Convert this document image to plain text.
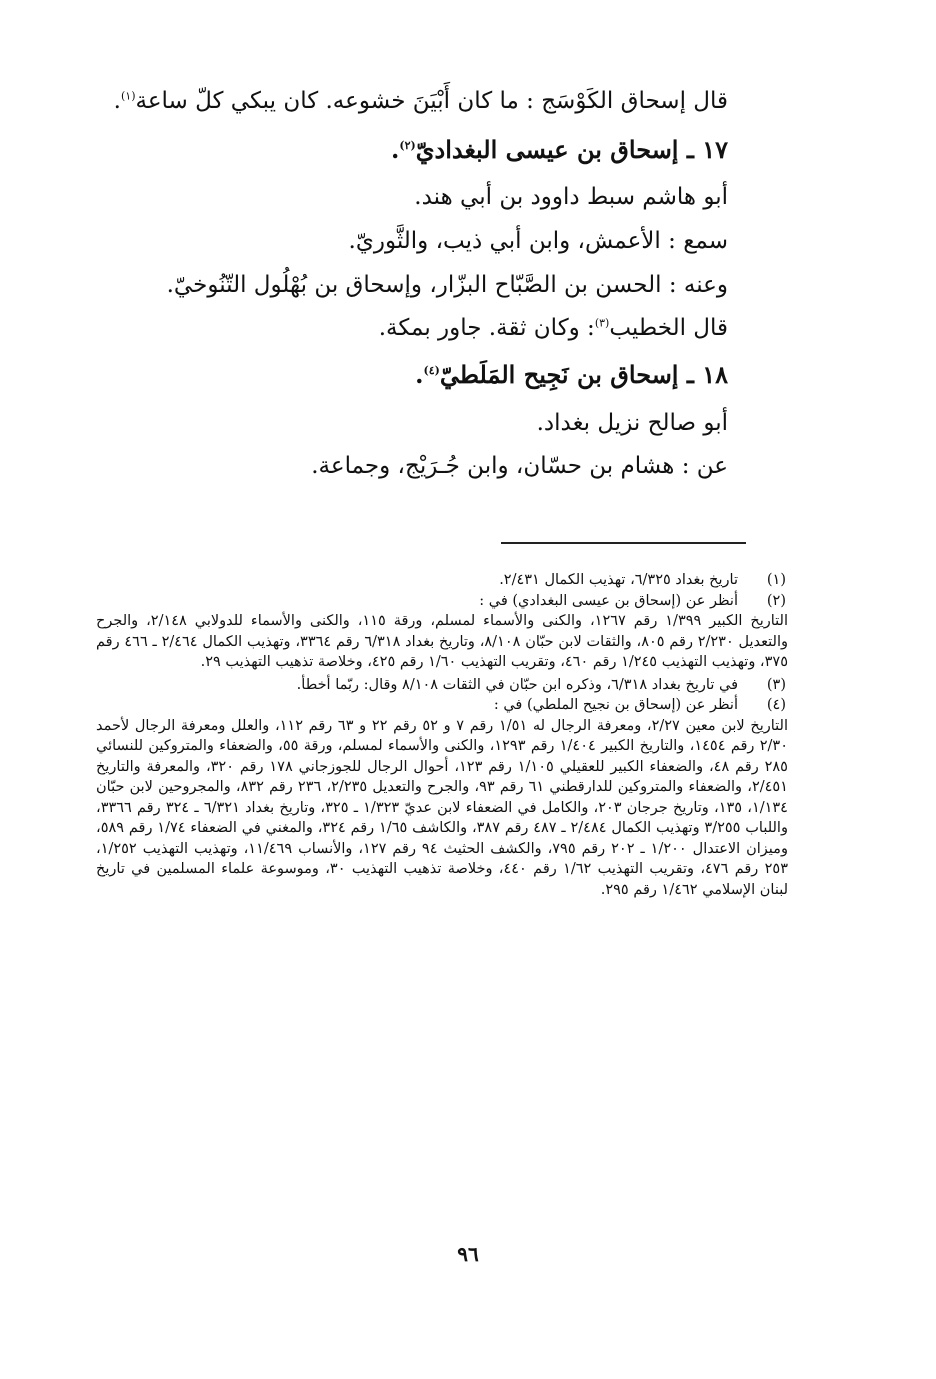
قال إسحاق الكَوْسَج : ما كان أَبْيَنَ خشوعه. كان يبكي كلّ ساعة$^{(١)}$.

١٧ ـ إسحاق بن عيسى البغداديّ$^{(٢)}$.

أبو هاشم سبط داوود بن أبي هند.

سمع : الأعمش، وابن أبي ذيب، والثَّوريّ.

وعنه : الحسن بن الصَّبّاح البزّار، وإسحاق بن بُهْلُول التّنُوخيّ.

قال الخطيب$^{(٣)}$: وكان ثقة. جاور بمكة.

١٨ ـ إسحاق بن نَجِيح المَلَطيّ$^{(٤)}$.

أبو صالح نزيل بغداد.

عن : هشام بن حسّان، وابن جُـرَيْج، وجماعة.

(١)
تاريخ بغداد ٦/٣٢٥، تهذيب الكمال ٢/٤٣١.
(٢)
أنظر عن (إسحاق بن عيسى البغدادي) في :
التاريخ الكبير ١/٣٩٩ رقم ١٢٦٧، والكنى والأسماء لمسلم، ورقة ١١٥، والكنى والأسماء للدولابي ٢/١٤٨، والجرح والتعديل ٢/٢٣٠ رقم ٨٠٥، والثقات لابن حبّان ٨/١٠٨، وتاريخ بغداد ٦/٣١٨ رقم ٣٣٦٤، وتهذيب الكمال ٢/٤٦٤ ـ ٤٦٦ رقم ٣٧٥، وتهذيب التهذيب ١/٢٤٥ رقم ٤٦٠، وتقريب التهذيب ١/٦٠ رقم ٤٢٥، وخلاصة تذهيب التهذيب ٢٩.
(٣)
في تاريخ بغداد ٦/٣١٨، وذكره ابن حبّان في الثقات ٨/١٠٨ وقال: ربّما أخطأ.
(٤)
أنظر عن (إسحاق بن نجيح الملطي) في :
التاريخ لابن معين ٢/٢٧، ومعرفة الرجال له ١/٥١ رقم ٧ و ٥٢ رقم ٢٢ و ٦٣ رقم ١١٢، والعلل ومعرفة الرجال لأحمد ٢/٣٠ رقم ١٤٥٤، والتاريخ الكبير ١/٤٠٤ رقم ١٢٩٣، والكنى والأسماء لمسلم، ورقة ٥٥، والضعفاء والمتروكين للنسائي ٢٨٥ رقم ٤٨، والضعفاء الكبير للعقيلي ١/١٠٥ رقم ١٢٣، أحوال الرجال للجوزجاني ١٧٨ رقم ٣٢٠، والمعرفة والتاريخ ٢/٤٥١، والضعفاء والمتروكين للدارقطني ٦١ رقم ٩٣، والجرح والتعديل ٢/٢٣٥، ٢٣٦ رقم ٨٣٢، والمجروحين لابن حبّان ١/١٣٤، ١٣٥، وتاريخ جرجان ٢٠٣، والكامل في الضعفاء لابن عديّ ١/٣٢٣ ـ ٣٢٥، وتاريخ بغداد ٦/٣٢١ ـ ٣٢٤ رقم ٣٣٦٦، واللباب ٣/٢٥٥ وتهذيب الكمال ٢/٤٨٤ ـ ٤٨٧ رقم ٣٨٧، والكاشف ١/٦٥ رقم ٣٢٤، والمغني في الضعفاء ١/٧٤ رقم ٥٨٩، وميزان الاعتدال ١/٢٠٠ ـ ٢٠٢ رقم ٧٩٥، والكشف الحثيث ٩٤ رقم ١٢٧، والأنساب ١١/٤٦٩، وتهذيب التهذيب ١/٢٥٢، ٢٥٣ رقم ٤٧٦، وتقريب التهذيب ١/٦٢ رقم ٤٤٠، وخلاصة تذهيب التهذيب ٣٠، وموسوعة علماء المسلمين في تاريخ لبنان الإسلامي ١/٤٦٢ رقم ٢٩٥.
٩٦
